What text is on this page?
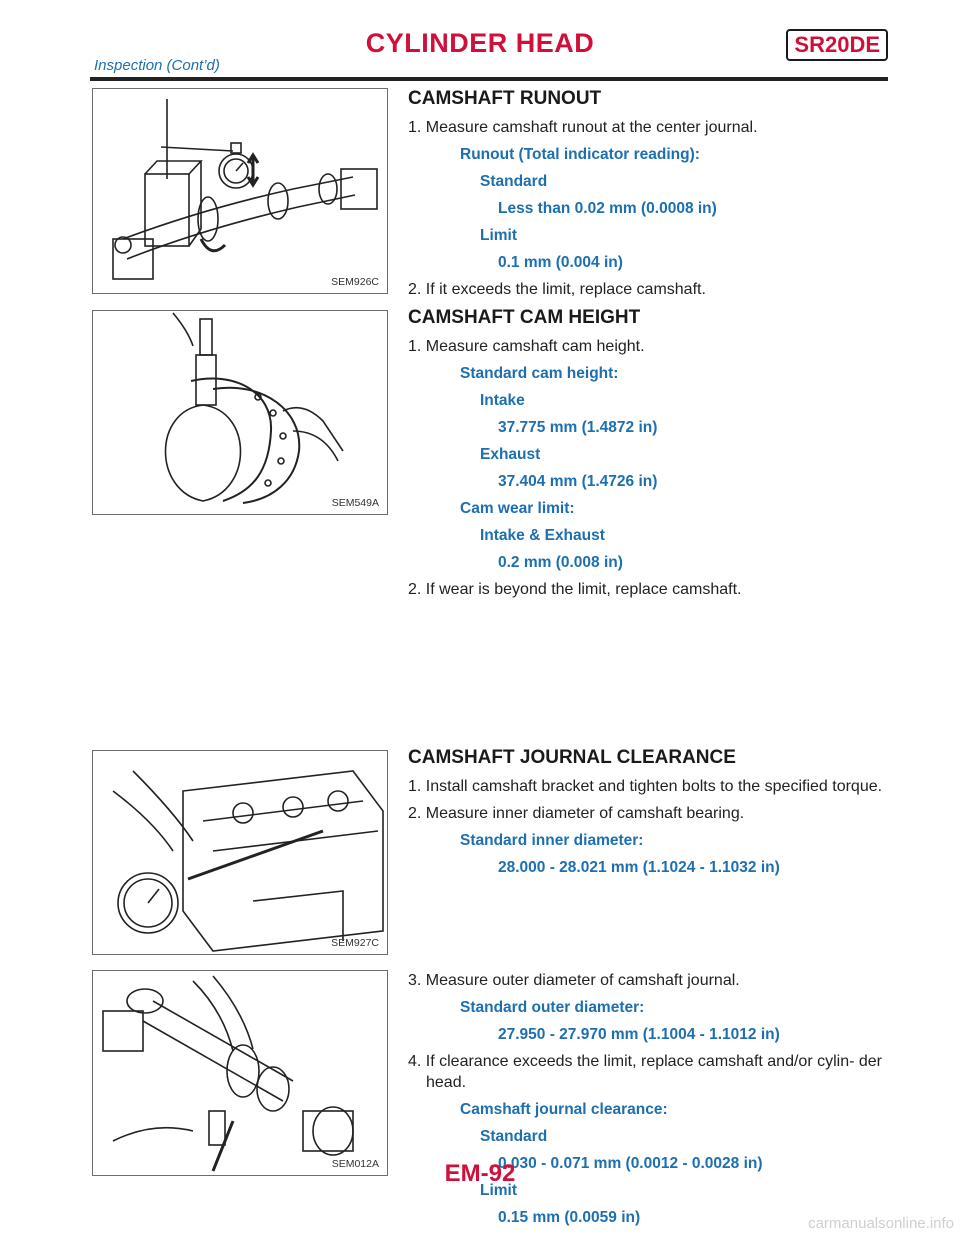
CYLINDER HEAD	SR20DE
Inspection (Cont’d)
SEM926C
SEM549A
SEM927C
SEM012A
CAMSHAFT RUNOUT
1. Measure camshaft runout at the center journal.
Runout (Total indicator reading):
Standard
Less than 0.02 mm (0.0008 in)
Limit
0.1 mm (0.004 in)
2. If it exceeds the limit, replace camshaft.
CAMSHAFT CAM HEIGHT
1. Measure camshaft cam height.
Standard cam height:
Intake
37.775 mm (1.4872 in)
Exhaust
37.404 mm (1.4726 in)
Cam wear limit:
Intake & Exhaust
0.2 mm (0.008 in)
2. If wear is beyond the limit, replace camshaft.
CAMSHAFT JOURNAL CLEARANCE
1. Install camshaft bracket and tighten bolts to the specified torque.
2. Measure inner diameter of camshaft bearing.
Standard inner diameter:
28.000 - 28.021 mm (1.1024 - 1.1032 in)
3. Measure outer diameter of camshaft journal.
Standard outer diameter:
27.950 - 27.970 mm (1.1004 - 1.1012 in)
4. If clearance exceeds the limit, replace camshaft and/or cylin- der head.
Camshaft journal clearance:
Standard
0.030 - 0.071 mm (0.0012 - 0.0028 in)
Limit
0.15 mm (0.0059 in)
EM-92
carmanualsonline.info
